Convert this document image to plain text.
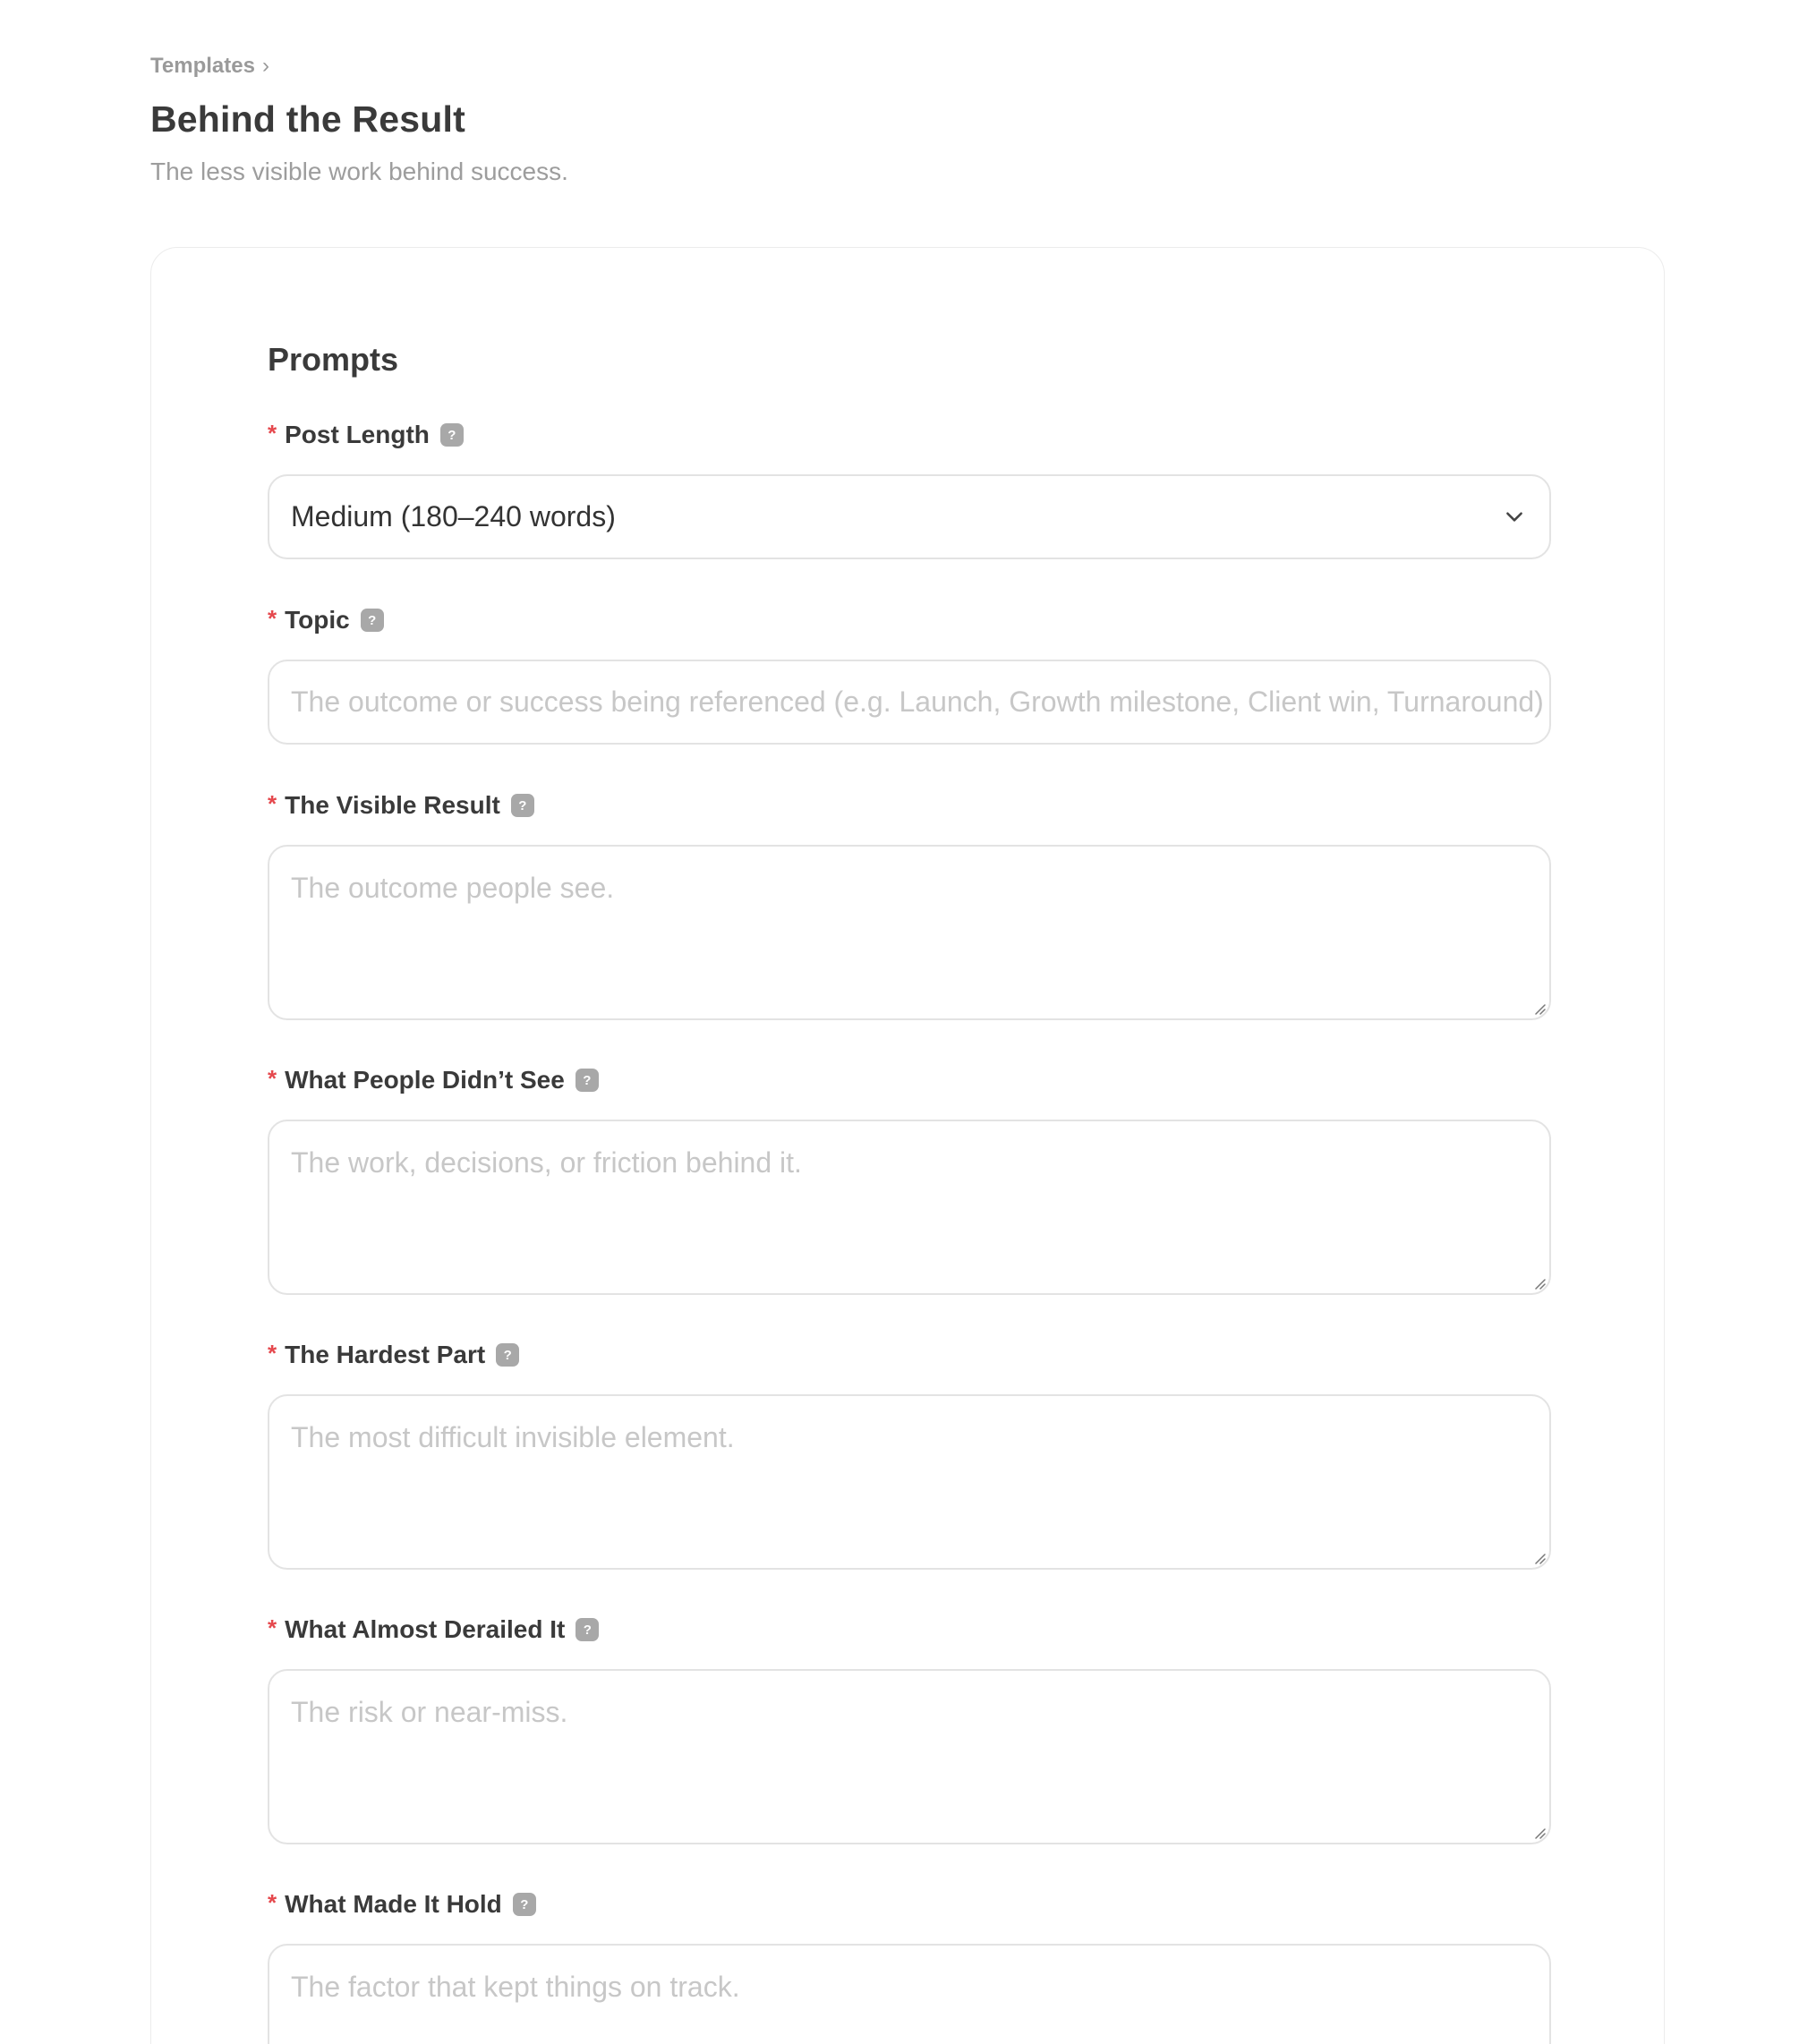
Templates ›
Behind the Result

The less visible work behind success.

Prompts
* Post Length	?
Medium (180–240 words)
* Topic	?
The outcome or success being referenced (e.g. Launch, Growth milestone, Client win, Turnaround)
* The Visible Result	?
The outcome people see.
* What People Didn’t See	?
The work, decisions, or friction behind it.
* The Hardest Part	?
The most difficult invisible element.
* What Almost Derailed It	?
The risk or near-miss.
* What Made It Hold	?
The factor that kept things on track.
